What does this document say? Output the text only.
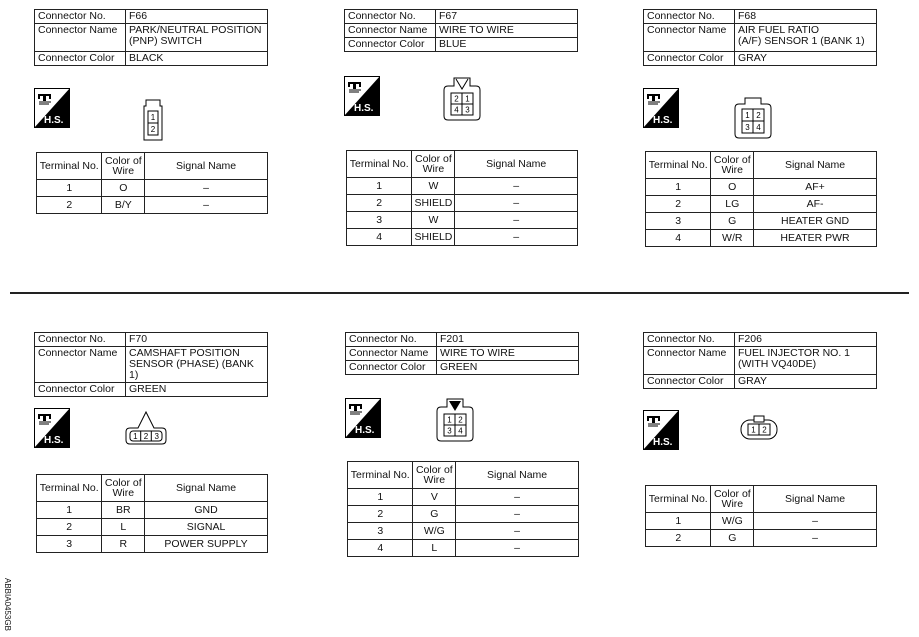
Connector No.	F66
Connector Name	PARK/NEUTRAL POSITION
(PNP) SWITCH
Connector Color	BLACK
H.S.	1
2
Terminal No.	Color of
Wire	Signal Name
1	O	–
2	B/Y	–
Connector No.	F67
Connector Name	WIRE TO WIRE
Connector Color	BLUE
H.S.
2 1
4 3
Terminal No.	Color of
Wire	Signal Name
1	W	–
2	SHIELD	–
3	W	–
4	SHIELD	–
Connector No.	F68
Connector Name	AIR FUEL RATIO
(A/F) SENSOR 1 (BANK 1)
Connector Color	GRAY
H.S.	1 2
3 4
Terminal No.	Color of
Wire	Signal Name
1	O	AF+
2	LG	AF-
3	G	HEATER GND
4	W/R	HEATER PWR
Connector No.	F70
Connector Name	CAMSHAFT POSITION
SENSOR (PHASE) (BANK 1)
Connector Color	GREEN
H.S.	1 2 3
Terminal No.	Color of
Wire	Signal Name
1	BR	GND
2	L	SIGNAL
3	R	POWER SUPPLY
Connector No.	F201
Connector Name	WIRE TO WIRE
Connector Color	GREEN
H.S.
1 2
3 4
Terminal No.	Color of
Wire	Signal Name
1	V	–
2	G	–
3	W/G	–
4	L	–
Connector No.	F206
Connector Name	FUEL INJECTOR NO. 1
(WITH VQ40DE)
Connector Color	GRAY
H.S.
1 2
Terminal No.	Color of
Wire	Signal Name
1	W/G	–
2	G	–
ABBIA0453GB
